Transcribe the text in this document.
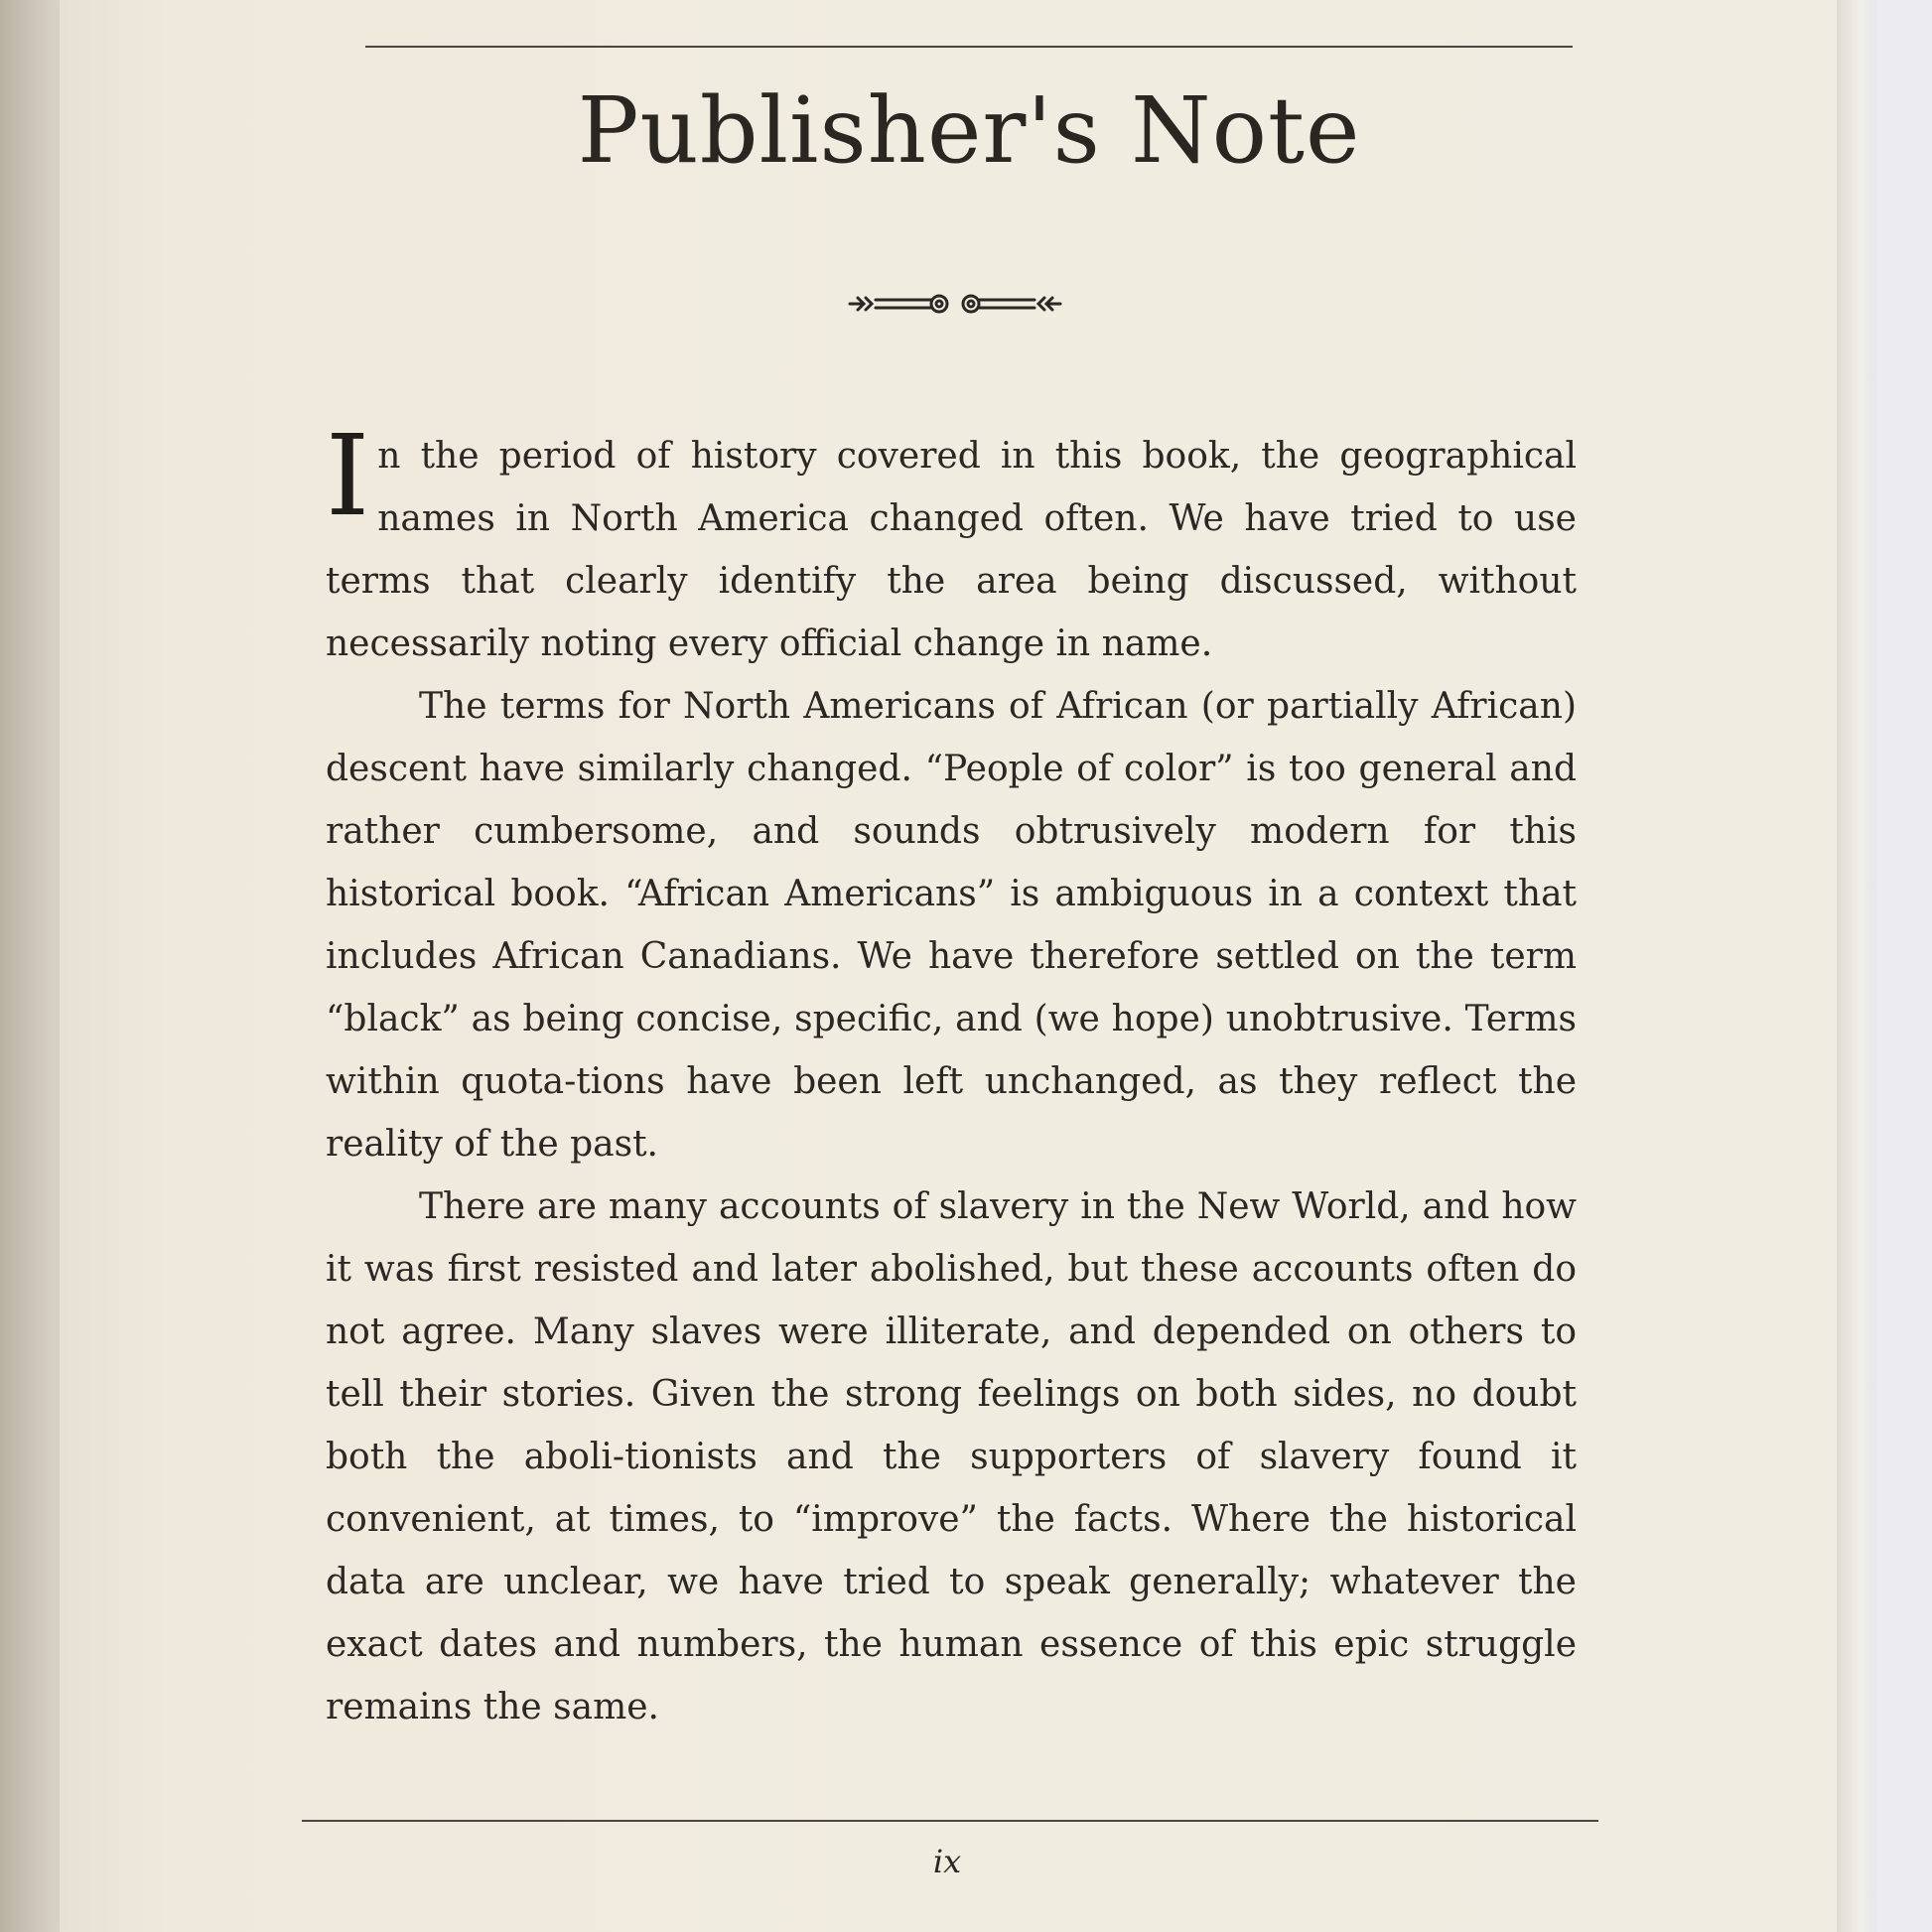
Publisher's Note

In the period of history covered in this book, the geographical names in North America changed often. We have tried to use terms that clearly identify the area being discussed, without necessarily noting every official change in name.

The terms for North Americans of African (or partially African) descent have similarly changed. “People of color” is too general and rather cumbersome, and sounds obtrusively modern for this historical book. “African Americans” is ambiguous in a context that includes African Canadians. We have therefore settled on the term “black” as being concise, specific, and (we hope) unobtrusive. Terms within quota-tions have been left unchanged, as they reflect the reality of the past.

There are many accounts of slavery in the New World, and how it was first resisted and later abolished, but these accounts often do not agree. Many slaves were illiterate, and depended on others to tell their stories. Given the strong feelings on both sides, no doubt both the aboli-tionists and the supporters of slavery found it convenient, at times, to “improve” the facts. Where the historical data are unclear, we have tried to speak generally; whatever the exact dates and numbers, the human essence of this epic struggle remains the same.

ix
